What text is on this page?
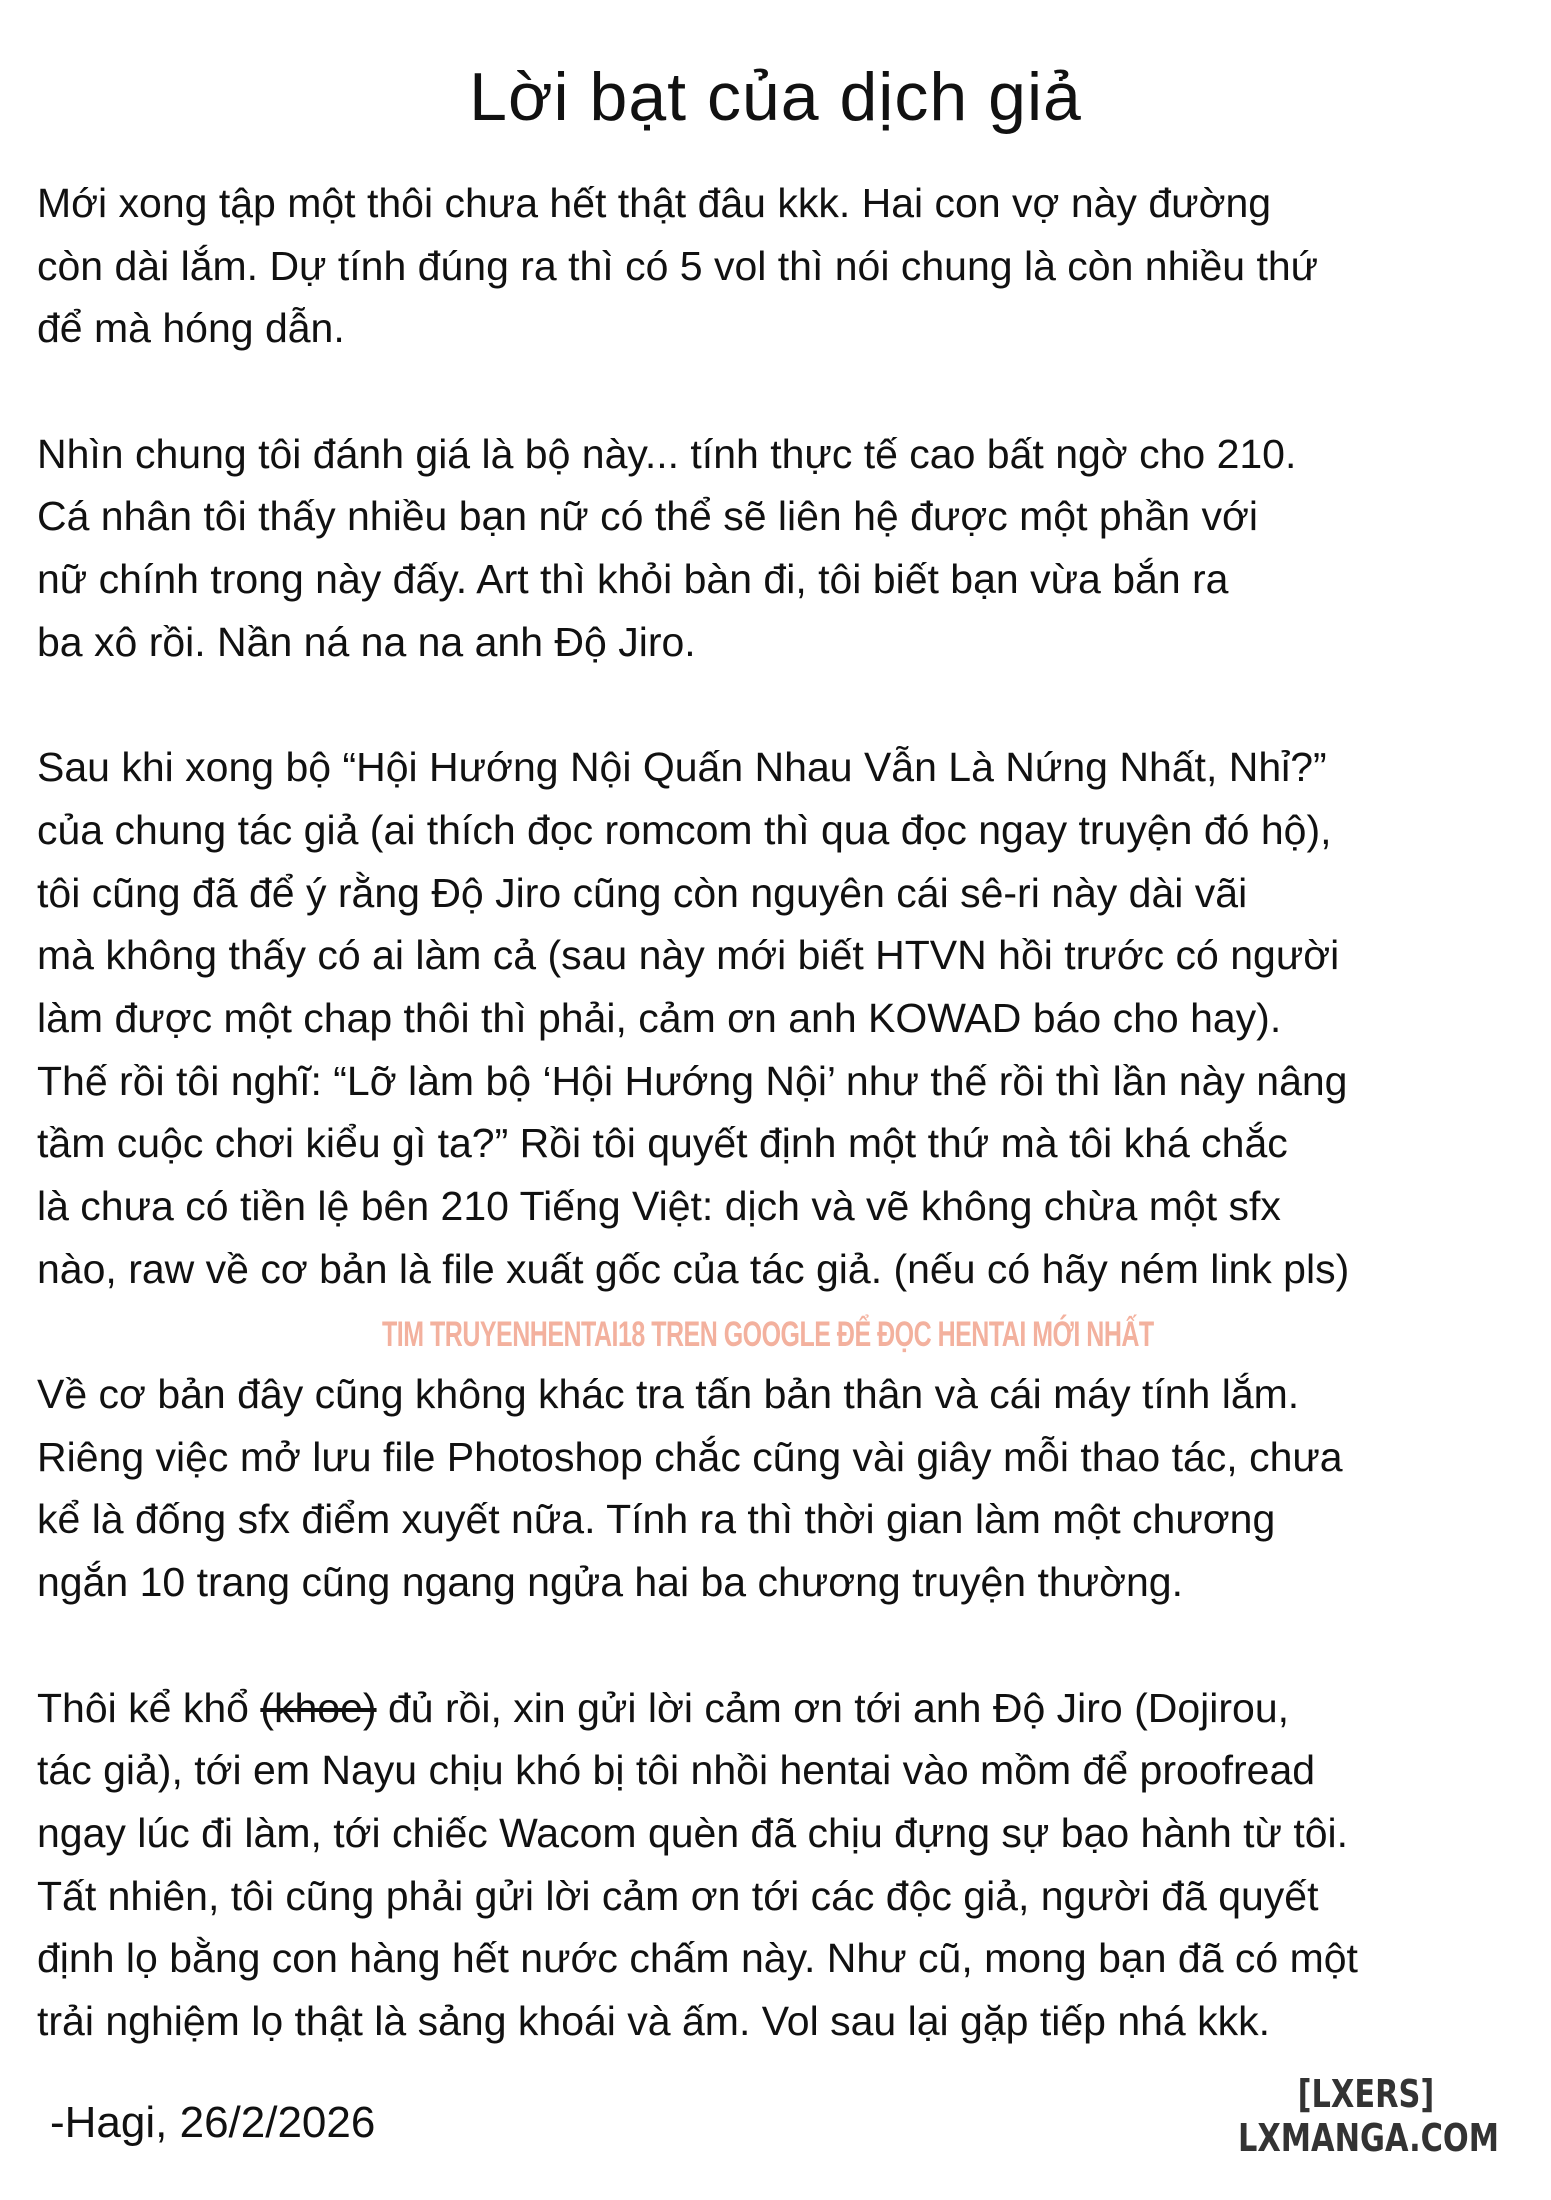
Lời bạt của dịch giả
Mới xong tập một thôi chưa hết thật đâu kkk. Hai con vợ này đường
còn dài lắm. Dự tính đúng ra thì có 5 vol thì nói chung là còn nhiều thứ
để mà hóng dẫn.
Nhìn chung tôi đánh giá là bộ này... tính thực tế cao bất ngờ cho 210.
Cá nhân tôi thấy nhiều bạn nữ có thể sẽ liên hệ được một phần với
nữ chính trong này đấy. Art thì khỏi bàn đi, tôi biết bạn vừa bắn ra
ba xô rồi. Nần ná na na anh Độ Jiro.
Sau khi xong bộ “Hội Hướng Nội Quấn Nhau Vẫn Là Nứng Nhất, Nhỉ?”
của chung tác giả (ai thích đọc romcom thì qua đọc ngay truyện đó hộ),
tôi cũng đã để ý rằng Độ Jiro cũng còn nguyên cái sê-ri này dài vãi
mà không thấy có ai làm cả (sau này mới biết HTVN hồi trước có người
làm được một chap thôi thì phải, cảm ơn anh KOWAD báo cho hay).
Thế rồi tôi nghĩ: “Lỡ làm bộ ‘Hội Hướng Nội’ như thế rồi thì lần này nâng
tầm cuộc chơi kiểu gì ta?” Rồi tôi quyết định một thứ mà tôi khá chắc
là chưa có tiền lệ bên 210 Tiếng Việt: dịch và vẽ không chừa một sfx
nào, raw về cơ bản là file xuất gốc của tác giả. (nếu có hãy ném link pls)
Về cơ bản đây cũng không khác tra tấn bản thân và cái máy tính lắm.
Riêng việc mở lưu file Photoshop chắc cũng vài giây mỗi thao tác, chưa
kể là đống sfx điểm xuyết nữa. Tính ra thì thời gian làm một chương
ngắn 10 trang cũng ngang ngửa hai ba chương truyện thường.
Thôi kể khổ (khoe) đủ rồi, xin gửi lời cảm ơn tới anh Độ Jiro (Dojirou,
tác giả), tới em Nayu chịu khó bị tôi nhồi hentai vào mồm để proofread
ngay lúc đi làm, tới chiếc Wacom quèn đã chịu đựng sự bạo hành từ tôi.
Tất nhiên, tôi cũng phải gửi lời cảm ơn tới các độc giả, người đã quyết
định lọ bằng con hàng hết nước chấm này. Như cũ, mong bạn đã có một
trải nghiệm lọ thật là sảng khoái và ấm. Vol sau lại gặp tiếp nhá kkk.
TIM TRUYENHENTAI18 TREN GOOGLE ĐỂ ĐỌC HENTAI MỚI NHẤT
-Hagi, 26/2/2026
[LXERS]
LXMANGA.COM
